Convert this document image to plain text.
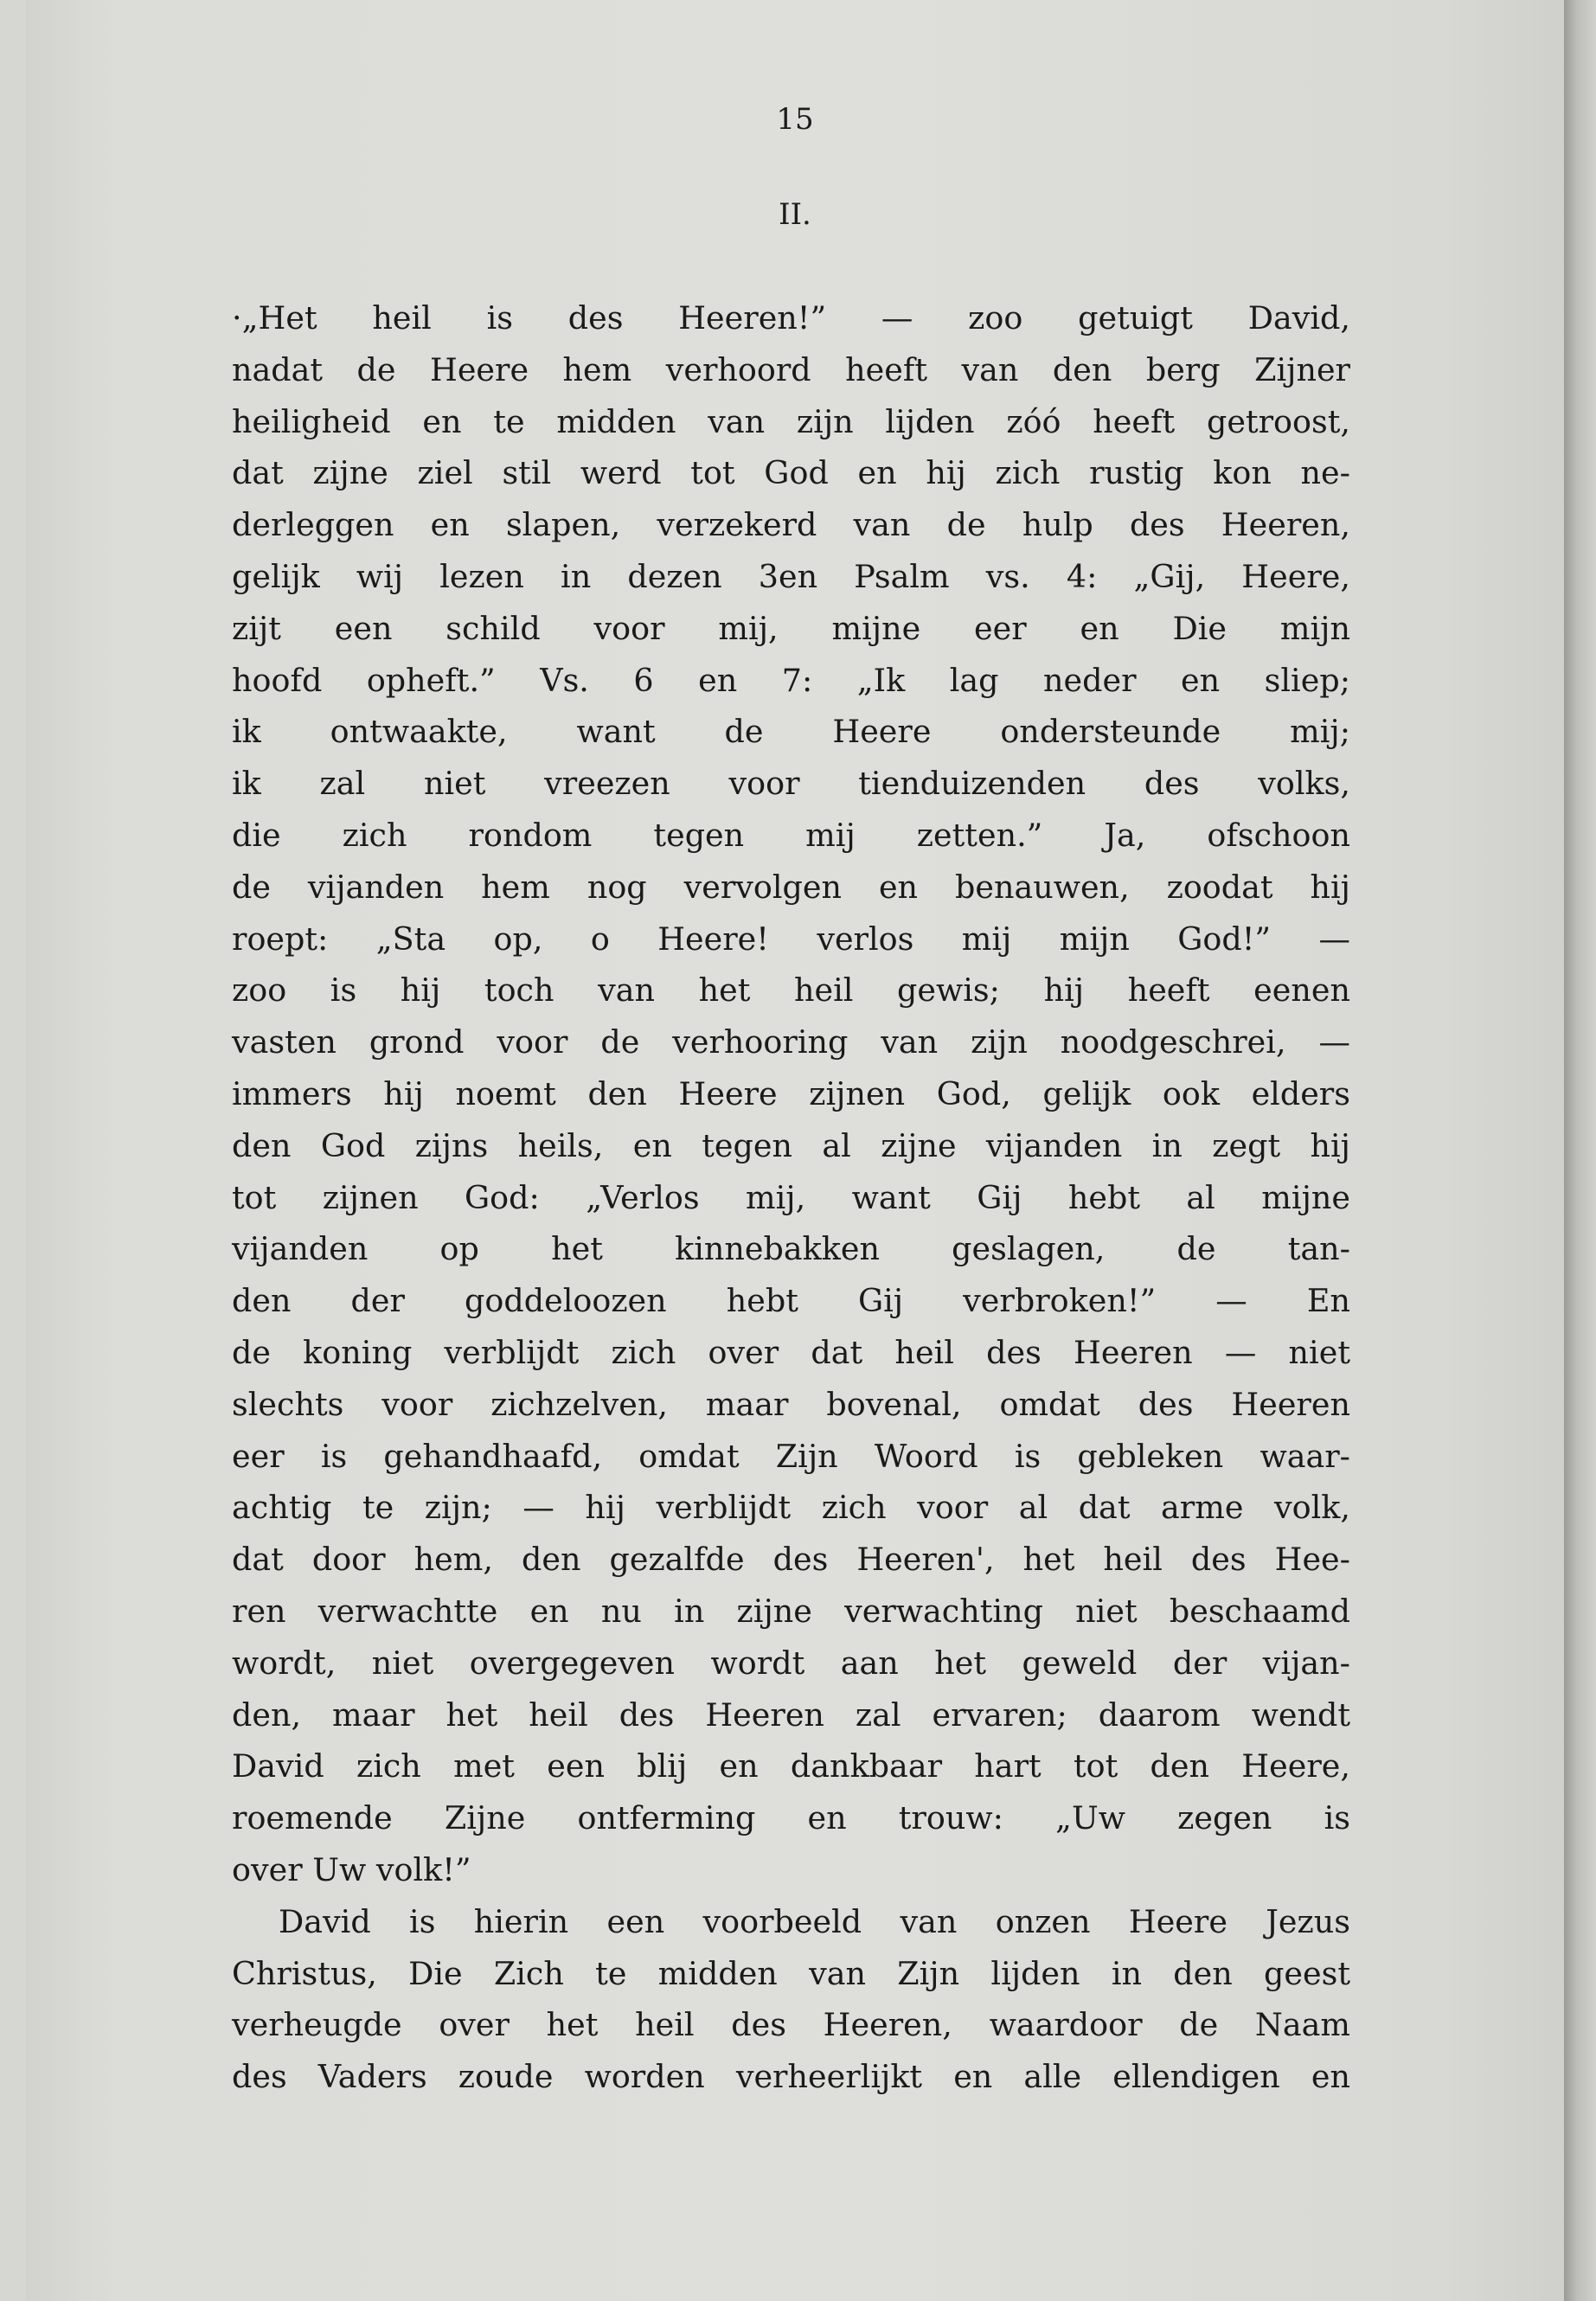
15
II.
·„Het heil is des Heeren!” — zoo getuigt David,
nadat de Heere hem verhoord heeft van den berg Zijner
heiligheid en te midden van zijn lijden zóó heeft getroost,
dat zijne ziel stil werd tot God en hij zich rustig kon ne-
derleggen en slapen, verzekerd van de hulp des Heeren,
gelijk wij lezen in dezen 3en Psalm vs. 4: „Gij, Heere,
zijt een schild voor mij, mijne eer en Die mijn
hoofd opheft.” Vs. 6 en 7: „Ik lag neder en sliep;
ik ontwaakte, want de Heere ondersteunde mij;
ik zal niet vreezen voor tienduizenden des volks,
die zich rondom tegen mij zetten.” Ja, ofschoon
de vijanden hem nog vervolgen en benauwen, zoodat hij
roept: „Sta op, o Heere! verlos mij mijn God!” —
zoo is hij toch van het heil gewis; hij heeft eenen
vasten grond voor de verhooring van zijn noodgeschrei, —
immers hij noemt den Heere zijnen God, gelijk ook elders
den God zijns heils, en tegen al zijne vijanden in zegt hij
tot zijnen God: „Verlos mij, want Gij hebt al mijne
vijanden op het kinnebakken geslagen, de tan-
den der goddeloozen hebt Gij verbroken!” — En
de koning verblijdt zich over dat heil des Heeren — niet
slechts voor zichzelven, maar bovenal, omdat des Heeren
eer is gehandhaafd, omdat Zijn Woord is gebleken waar-
achtig te zijn; — hij verblijdt zich voor al dat arme volk,
dat door hem, den gezalfde des Heeren', het heil des Hee-
ren verwachtte en nu in zijne verwachting niet beschaamd
wordt, niet overgegeven wordt aan het geweld der vijan-
den, maar het heil des Heeren zal ervaren; daarom wendt
David zich met een blij en dankbaar hart tot den Heere,
roemende Zijne ontferming en trouw: „Uw zegen is
over Uw volk!”
David is hierin een voorbeeld van onzen Heere Jezus
Christus, Die Zich te midden van Zijn lijden in den geest
verheugde over het heil des Heeren, waardoor de Naam
des Vaders zoude worden verheerlijkt en alle ellendigen en
